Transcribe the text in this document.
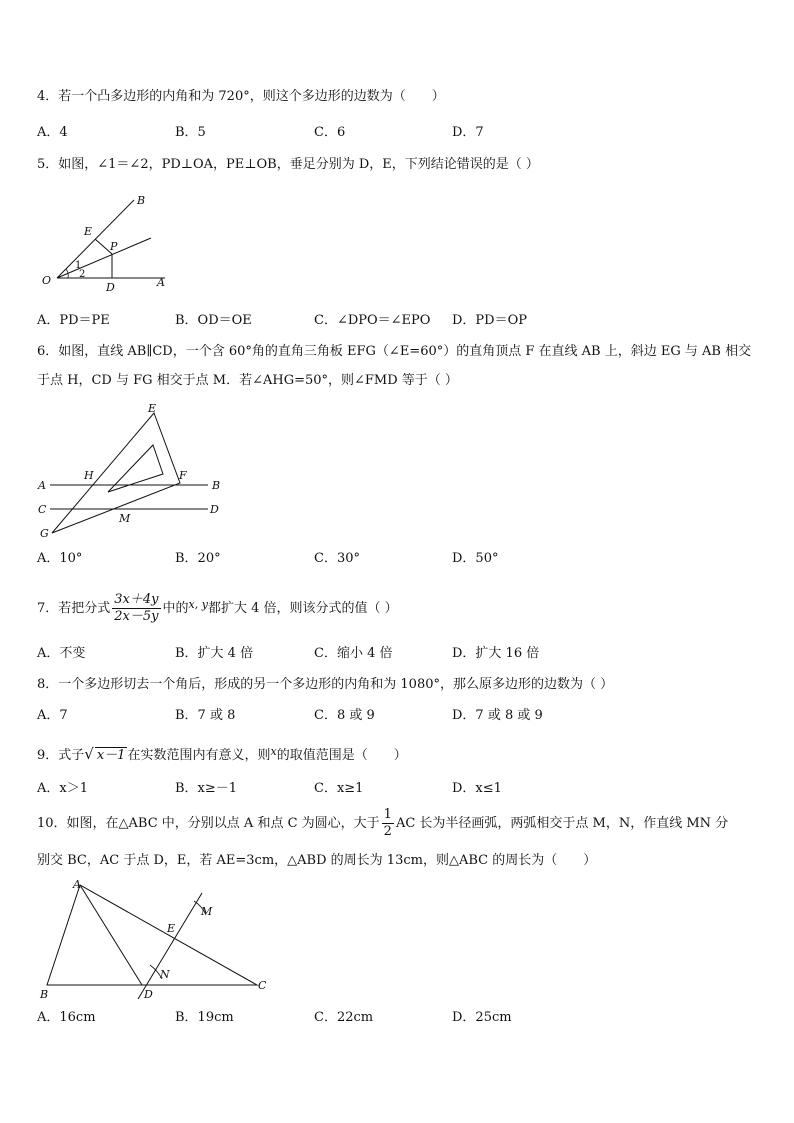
4．若一个凸多边形的内角和为 720°，则这个多边形的边数为（　　）
A．4	B．5	C．6	D．7
5．如图，∠1＝∠2，PD⊥OA，PE⊥OB，垂足分别为 D，E，下列结论错误的是（ ）
B
E
P
1
2
O
D	A
A．PD＝PE	B．OD＝OE	C．∠DPO＝∠EPO D．PD＝OP
6．如图，直线 AB∥CD，一个含 60°角的直角三角板 EFG（∠E=60°）的直角顶点 F 在直线 AB 上，斜边 EG 与 AB 相交
于点 H，CD 与 FG 相交于点 M．若∠AHG=50°，则∠FMD 等于（ ）
E
A
H	F
B
C	D
M
G
A．10°	B．20°	C．30°	D．50°
7．若把分式 $\frac{3x+4y}{2x-5y}$ 中的$^{x, y}$都扩大 4 倍，则该分式的值（ ）
A．不变	B．扩大 4 倍	C．缩小 4 倍	D．扩大 16 倍
8．一个多边形切去一个角后，形成的另一个多边形的内角和为 1080°，那么原多边形的边数为（ ）
A．7	B．7 或 8	C．8 或 9	D．7 或 8 或 9
9．式子√ x－1 在实数范围内有意义，则$^x$的取值范围是（　　）
A．x＞1	B．x≥－1	C．x≥1	D．x≤1
10．如图，在△ABC 中，分别以点 A 和点 C 为圆心，大于 $\frac{1}{2}$ AC 长为半径画弧，两弧相交于点 M，N，作直线 MN 分
别交 BC，AC 于点 D，E，若 AE=3cm，△ABD 的周长为 13cm，则△ABC 的周长为（　　）
A
M
E
N
B	D
C
A．16cm	B．19cm	C．22cm	D．25cm
